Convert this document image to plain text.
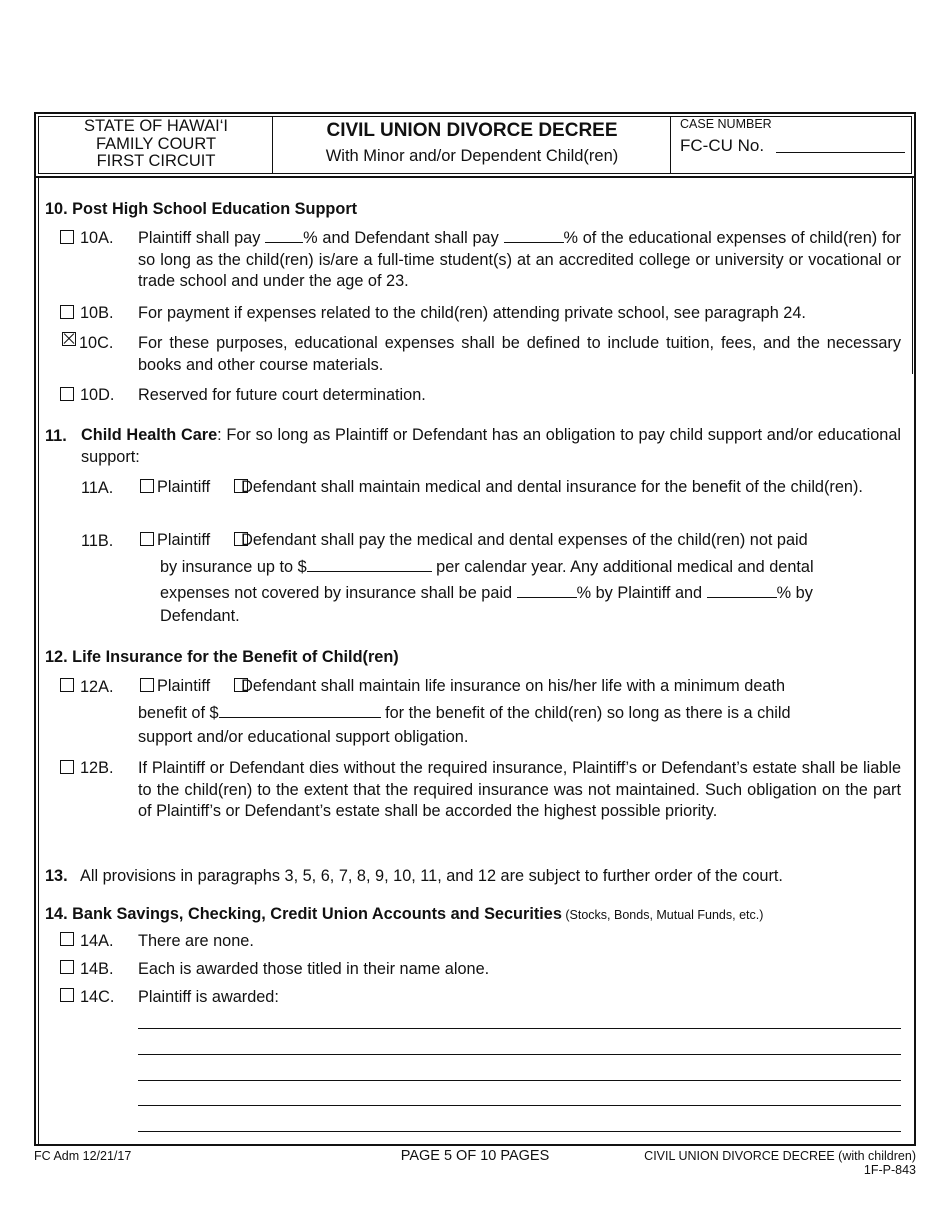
STATE OF HAWAI‘I
FAMILY COURT
FIRST CIRCUIT
CIVIL UNION DIVORCE DECREE
With Minor and/or Dependent Child(ren)
CASE NUMBER
FC-CU No.
10. Post High School Education Support
10A. Plaintiff shall pay % and Defendant shall pay	% of the educational expenses of child(ren) for so long as the child(ren) is/are a full-time student(s) at an accredited college or university or vocational or trade school and under the age of 23.
10B. For payment if expenses related to the child(ren) attending private school, see paragraph 24.
10C. For these purposes, educational expenses shall be defined to include tuition, fees, and the necessary books and other course materials.
10D. Reserved for future court determination.
11. Child Health Care: For so long as Plaintiff or Defendant has an obligation to pay child support and/or educational support:
11A.	Plaintiff Defendant shall maintain medical and dental insurance for the benefit of the child(ren).
11B.	Plaintiff Defendant shall pay the medical and dental expenses of the child(ren) not paid
by insurance up to $	per calendar year. Any additional medical and dental
expenses not covered by insurance shall be paid	% by Plaintiff and	% by
Defendant.
12. Life Insurance for the Benefit of Child(ren)
12A.	Plaintiff Defendant shall maintain life insurance on his/her life with a minimum death
benefit of $	for the benefit of the child(ren) so long as there is a child
support and/or educational support obligation.
12B. If Plaintiff or Defendant dies without the required insurance, Plaintiff’s or Defendant’s estate shall be liable to the child(ren) to the extent that the required insurance was not maintained. Such obligation on the part of Plaintiff’s or Defendant’s estate shall be accorded the highest possible priority.
13. All provisions in paragraphs 3, 5, 6, 7, 8, 9, 10, 11, and 12 are subject to further order of the court.
14. Bank Savings, Checking, Credit Union Accounts and Securities (Stocks, Bonds, Mutual Funds, etc.)
14A. There are none.
14B. Each is awarded those titled in their name alone.
14C. Plaintiff is awarded:
FC Adm 12/21/17	PAGE 5 OF 10 PAGES	CIVIL UNION DIVORCE DECREE (with children)
1F-P-843
